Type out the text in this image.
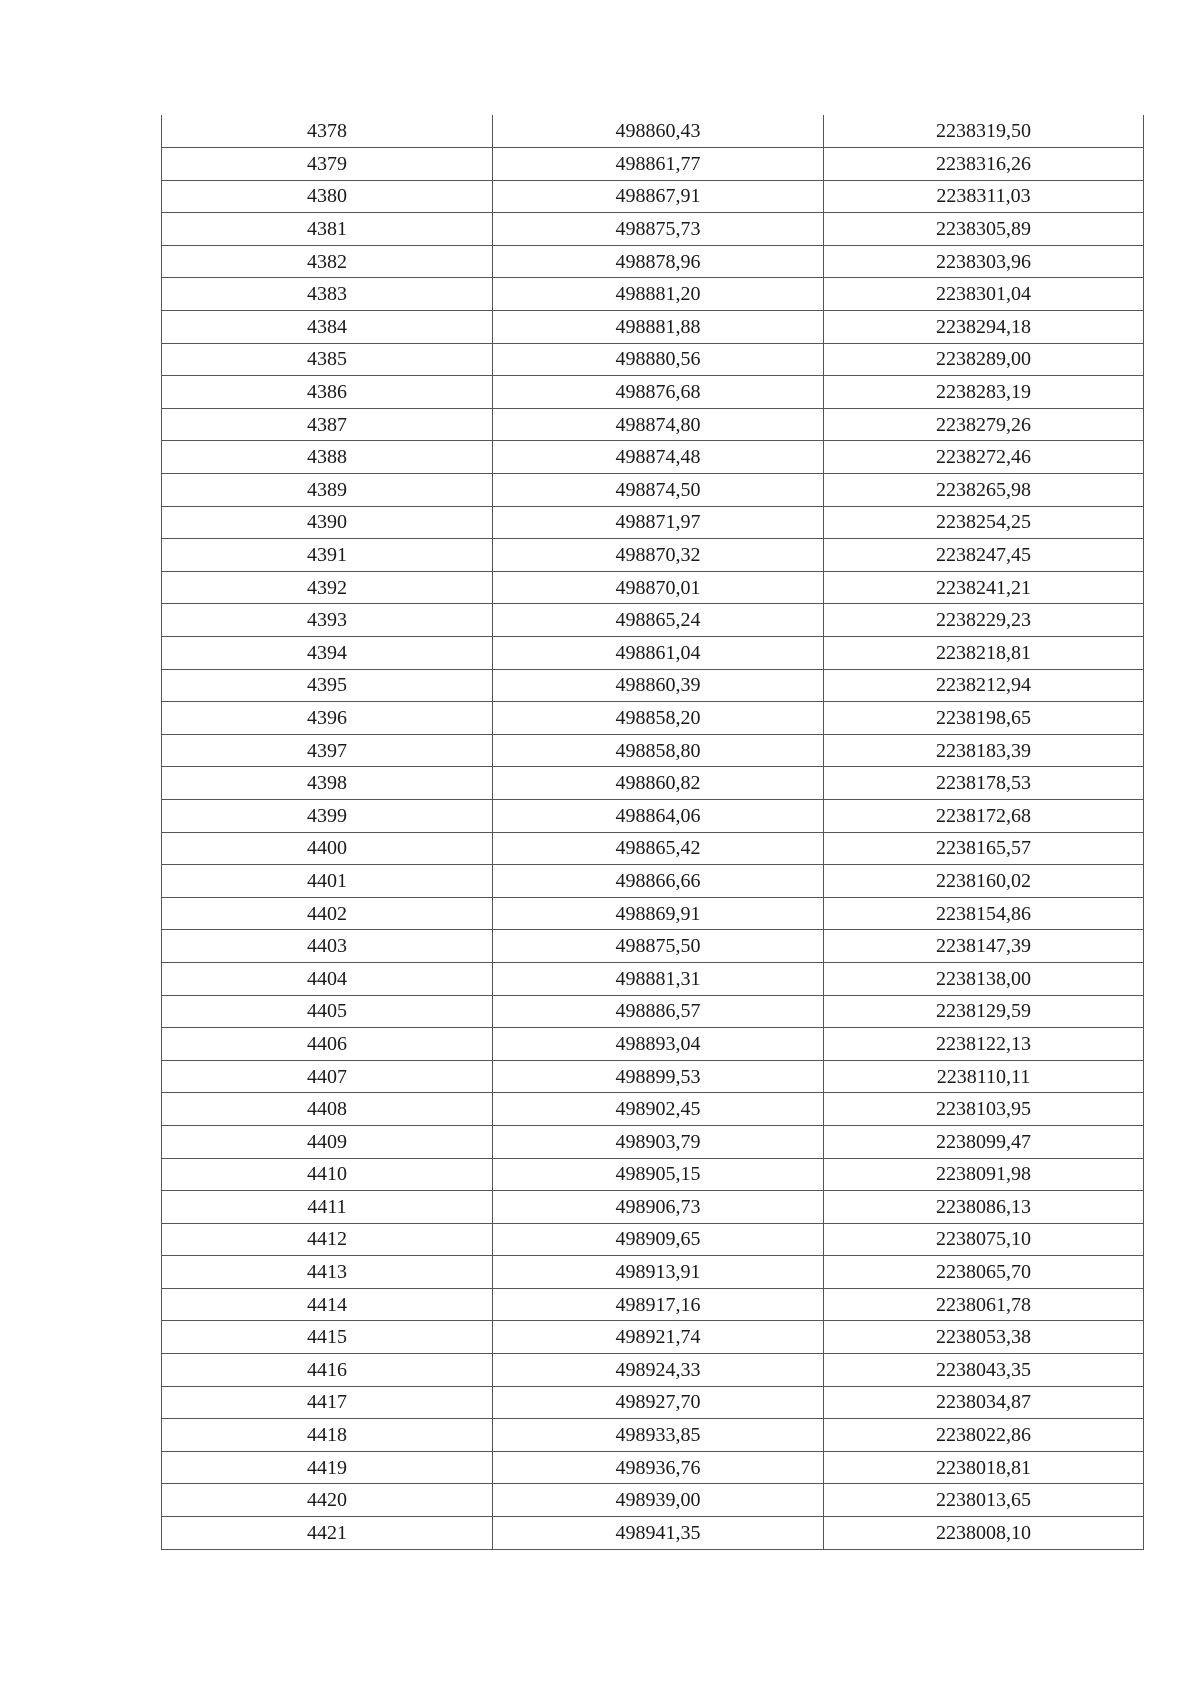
4378	498860,43	2238319,50
4379	498861,77	2238316,26
4380	498867,91	2238311,03
4381	498875,73	2238305,89
4382	498878,96	2238303,96
4383	498881,20	2238301,04
4384	498881,88	2238294,18
4385	498880,56	2238289,00
4386	498876,68	2238283,19
4387	498874,80	2238279,26
4388	498874,48	2238272,46
4389	498874,50	2238265,98
4390	498871,97	2238254,25
4391	498870,32	2238247,45
4392	498870,01	2238241,21
4393	498865,24	2238229,23
4394	498861,04	2238218,81
4395	498860,39	2238212,94
4396	498858,20	2238198,65
4397	498858,80	2238183,39
4398	498860,82	2238178,53
4399	498864,06	2238172,68
4400	498865,42	2238165,57
4401	498866,66	2238160,02
4402	498869,91	2238154,86
4403	498875,50	2238147,39
4404	498881,31	2238138,00
4405	498886,57	2238129,59
4406	498893,04	2238122,13
4407	498899,53	2238110,11
4408	498902,45	2238103,95
4409	498903,79	2238099,47
4410	498905,15	2238091,98
4411	498906,73	2238086,13
4412	498909,65	2238075,10
4413	498913,91	2238065,70
4414	498917,16	2238061,78
4415	498921,74	2238053,38
4416	498924,33	2238043,35
4417	498927,70	2238034,87
4418	498933,85	2238022,86
4419	498936,76	2238018,81
4420	498939,00	2238013,65
4421	498941,35	2238008,10
